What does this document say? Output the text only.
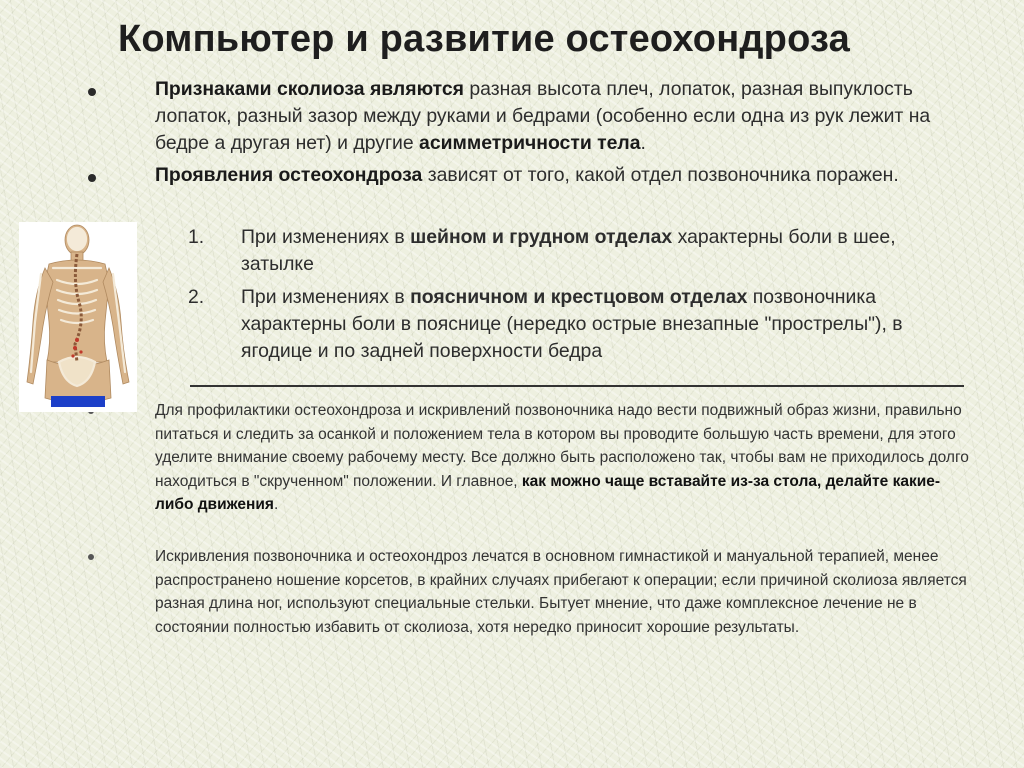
Компьютер и развитие остеохондроза
Признаками сколиоза являются разная высота плеч, лопаток, разная выпуклость лопаток, разный зазор между руками и бедрами (особенно если одна из рук лежит на бедре а другая нет) и другие асимметричности тела.
Проявления остеохондроза зависят от того, какой отдел позвоночника поражен.
1. При изменениях в шейном и грудном отделах характерны боли в шее, затылке
2. При изменениях в поясничном и крестцовом отделах позвоночника характерны боли в пояснице (нередко острые внезапные "прострелы"), в ягодице и по задней поверхности бедра
Для профилактики остеохондроза и искривлений позвоночника надо вести подвижный образ жизни, правильно питаться и следить за осанкой и положением тела в котором вы проводите большую часть времени, для этого уделите внимание своему рабочему месту. Все должно быть расположено так, чтобы вам не приходилось долго находиться в "скрученном" положении. И главное, как можно чаще вставайте из-за стола, делайте какие-либо движения.
Искривления позвоночника и остеохондроз лечатся в основном гимнастикой и мануальной терапией, менее распространено ношение корсетов, в крайних случаях прибегают к операции; если причиной сколиоза является разная длина ног, используют специальные стельки. Бытует мнение, что даже комплексное лечение не в состоянии полностью избавить от сколиоза, хотя нередко приносит хорошие результаты.
